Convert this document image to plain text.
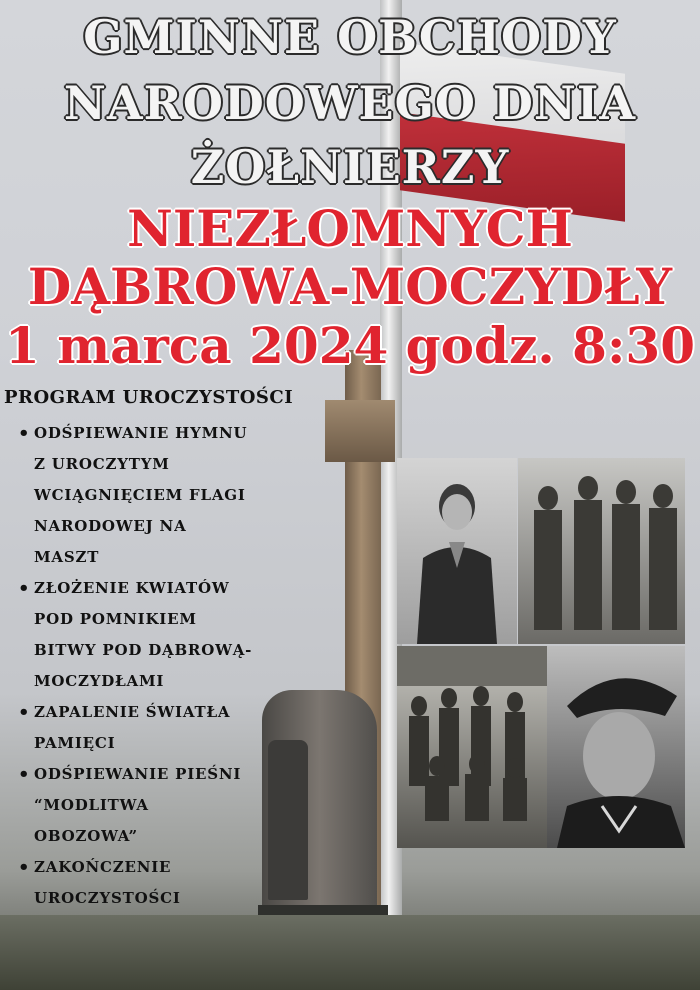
GMINNE OBCHODY
NARODOWEGO DNIA
ŻOŁNIERZY
NIEZŁOMNYCH
DĄBROWA-MOCZYDŁY
1 marca 2024 godz. 8:30
PROGRAM UROCZYSTOŚCI
• ODŚPIEWANIE HYMNU
Z UROCZYTYM
WCIĄGNIĘCIEM FLAGI
NARODOWEJ NA
MASZT
• ZŁOŻENIE KWIATÓW
POD POMNIKIEM
BITWY POD DĄBROWĄ-
MOCZYDŁAMI
• ZAPALENIE ŚWIATŁA
PAMIĘCI
• ODŚPIEWANIE PIEŚNI
“MODLITWA
OBOZOWA”
• ZAKOŃCZENIE
UROCZYSTOŚCI
